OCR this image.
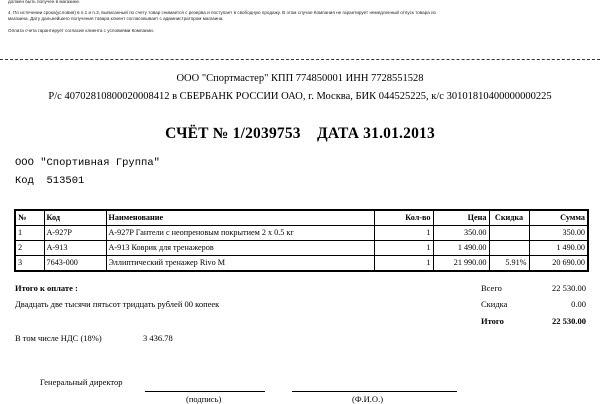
должен быть получен в магазине.
4. По истечении срока(условия) в п.1 и п.3, выписанный по счету товар снимается с резерва и поступает в свободную продажу. В этом случае Компания не гарантирует немедленный отпуск товара из
магазина. Дату дальнейшего получения товара клиент согласовывает с администратором магазина.
Оплата счета гарантирует согласие клиента с условиями Компании.
ООО "Спортмастер" КПП 774850001 ИНН 7728551528
Р/с 40702810800020008412 в СБЕРБАНК РОССИИ ОАО, г. Москва, БИК 044525225, к/с 30101810400000000225
СЧЁТ № 1/2039753    ДАТА 31.01.2013
ООО "Спортивная Группа"
Код  513501
№	Код	Наименование	Кол-во	Цена	Скидка	Сумма
1	A-927P	A-927P Гантели с неопреновым покрытием 2 x 0.5 кг	1	350.00		350.00
2	A-913	A-913 Коврик для тренажеров	1	1 490.00		1 490.00
3	7643-000	Эллиптический тренажер Rivo M	1	21 990.00	5.91%	20 690.00
Итого к оплате :
Двадцать две тысячи пятьсот тридцать рублей 00 копеек
В том числе НДС (18%)	3 436.78
Всего	22 530.00
Скидка	0.00
Итого	22 530.00
Генеральный директор
(подпись)	(Ф.И.О.)
